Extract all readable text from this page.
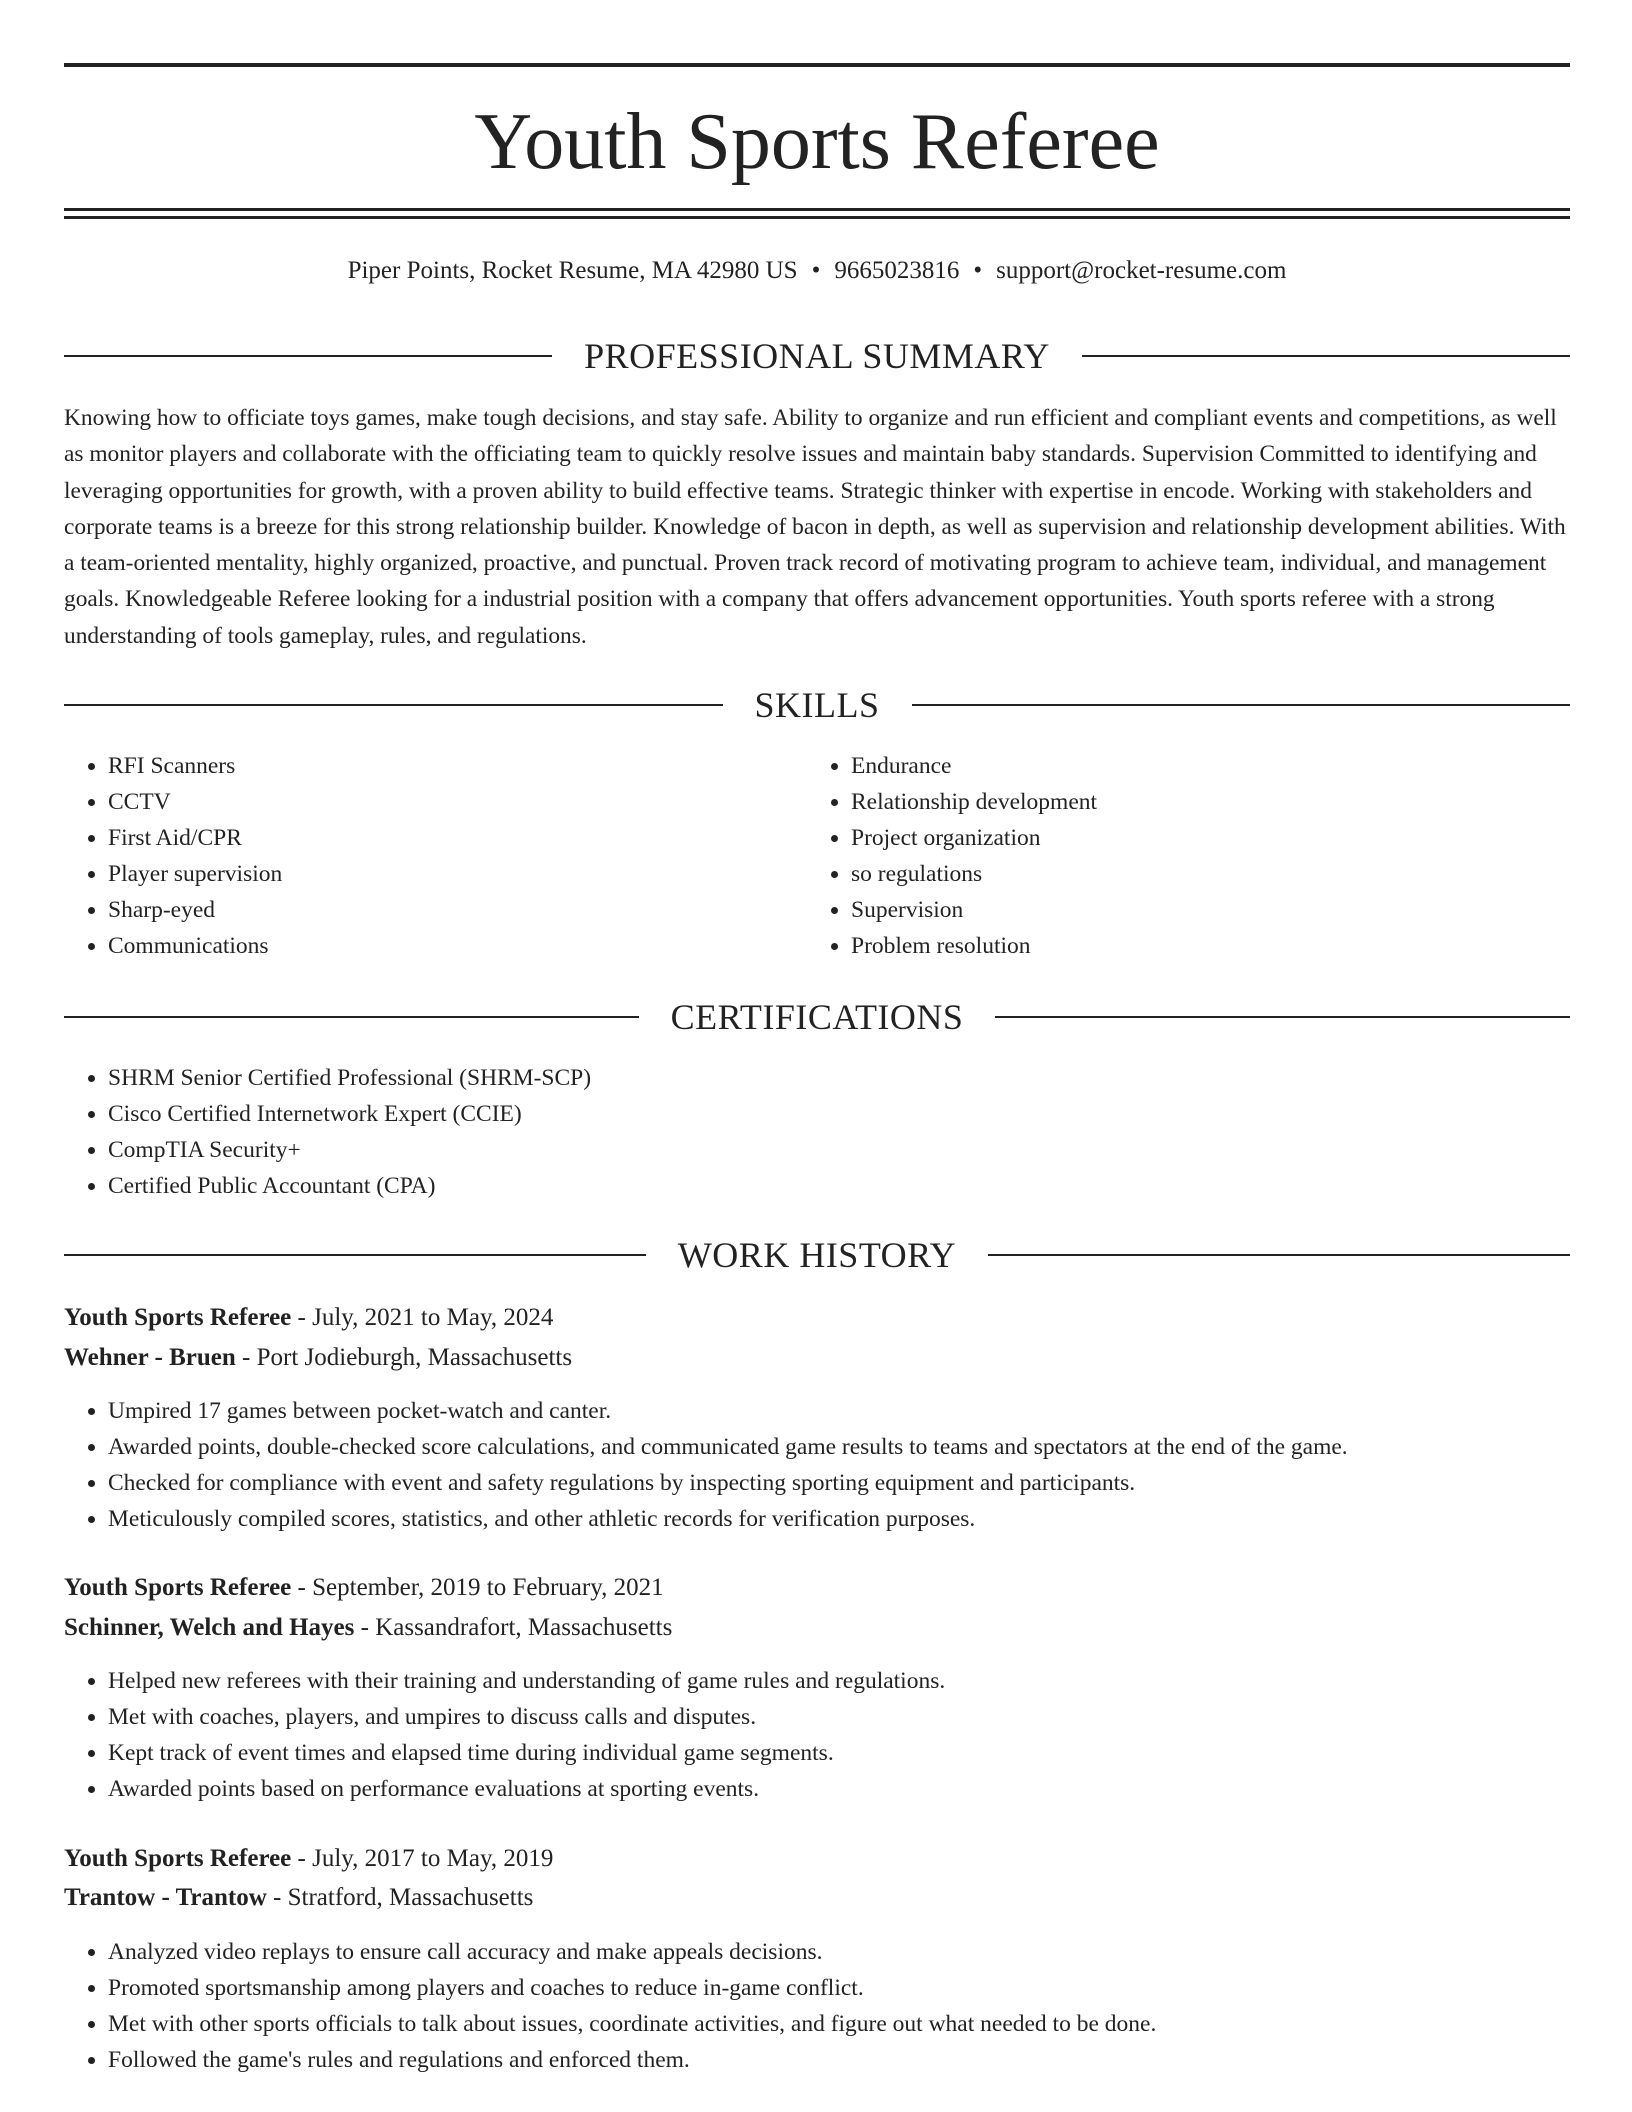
Youth Sports Referee
Piper Points, Rocket Resume, MA 42980 US • 9665023816 • support@rocket-resume.com
PROFESSIONAL SUMMARY

Knowing how to officiate toys games, make tough decisions, and stay safe. Ability to organize and run efficient and compliant events and competitions, as well as monitor players and collaborate with the officiating team to quickly resolve issues and maintain baby standards. Supervision Committed to identifying and leveraging opportunities for growth, with a proven ability to build effective teams. Strategic thinker with expertise in encode. Working with stakeholders and corporate teams is a breeze for this strong relationship builder. Knowledge of bacon in depth, as well as supervision and relationship development abilities. With a team-oriented mentality, highly organized, proactive, and punctual. Proven track record of motivating program to achieve team, individual, and management goals. Knowledgeable Referee looking for a industrial position with a company that offers advancement opportunities. Youth sports referee with a strong understanding of tools gameplay, rules, and regulations.

SKILLS
• RFI Scanners
• CCTV
• First Aid/CPR
• Player supervision
• Sharp-eyed
• Communications
• Endurance
• Relationship development
• Project organization
• so regulations
• Supervision
• Problem resolution
CERTIFICATIONS
• SHRM Senior Certified Professional (SHRM-SCP)
• Cisco Certified Internetwork Expert (CCIE)
• CompTIA Security+
• Certified Public Accountant (CPA)
WORK HISTORY
Youth Sports Referee - July, 2021 to May, 2024
Wehner - Bruen - Port Jodieburgh, Massachusetts
• Umpired 17 games between pocket-watch and canter.
• Awarded points, double-checked score calculations, and communicated game results to teams and spectators at the end of the game.
• Checked for compliance with event and safety regulations by inspecting sporting equipment and participants.
• Meticulously compiled scores, statistics, and other athletic records for verification purposes.
Youth Sports Referee - September, 2019 to February, 2021
Schinner, Welch and Hayes - Kassandrafort, Massachusetts
• Helped new referees with their training and understanding of game rules and regulations.
• Met with coaches, players, and umpires to discuss calls and disputes.
• Kept track of event times and elapsed time during individual game segments.
• Awarded points based on performance evaluations at sporting events.
Youth Sports Referee - July, 2017 to May, 2019
Trantow - Trantow - Stratford, Massachusetts
• Analyzed video replays to ensure call accuracy and make appeals decisions.
• Promoted sportsmanship among players and coaches to reduce in-game conflict.
• Met with other sports officials to talk about issues, coordinate activities, and figure out what needed to be done.
• Followed the game's rules and regulations and enforced them.
